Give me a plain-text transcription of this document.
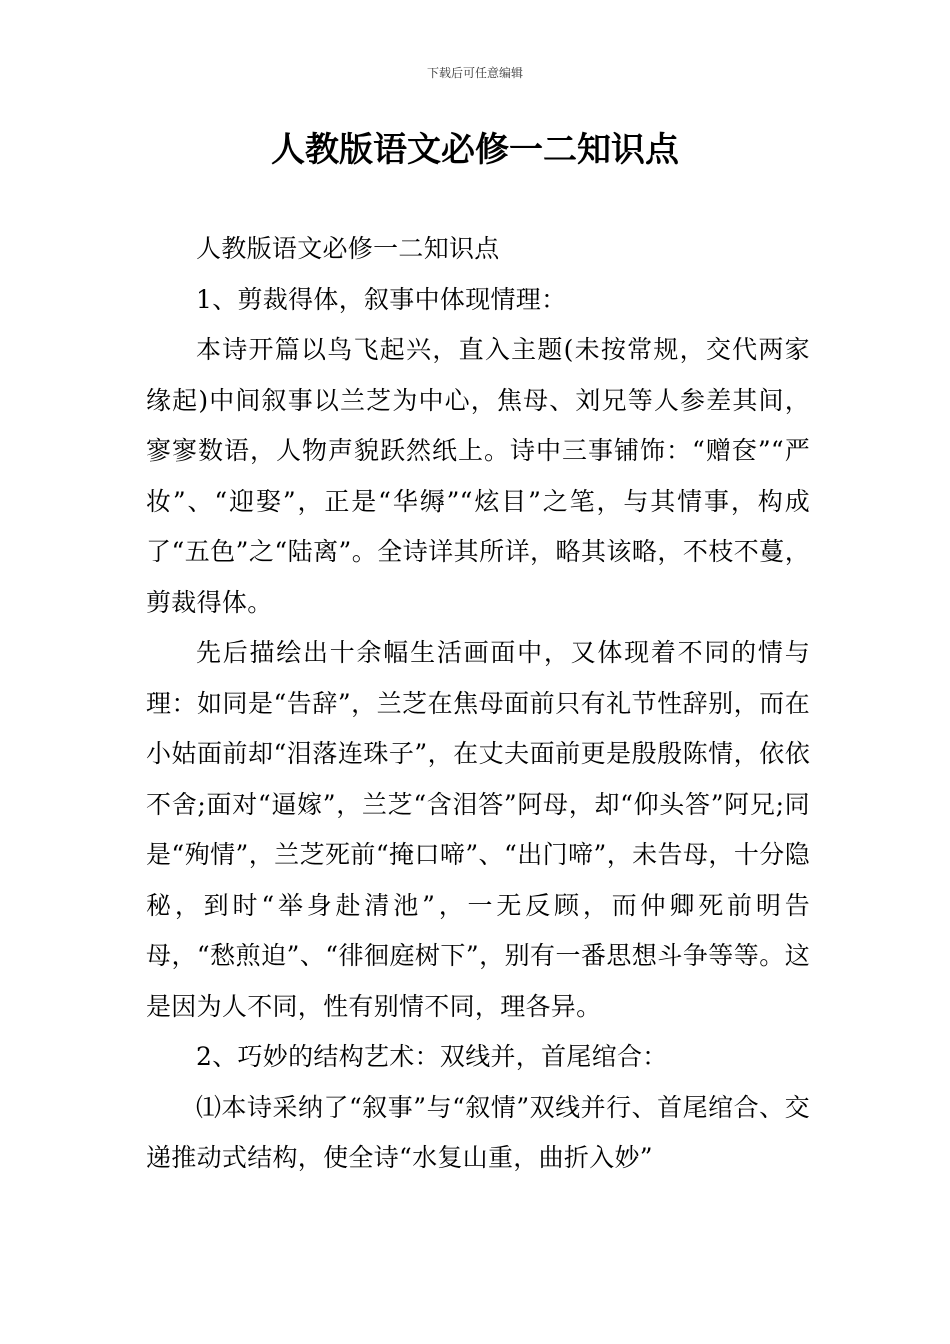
下载后可任意编辑
人教版语文必修一二知识点

人教版语文必修一二知识点

1、剪裁得体，叙事中体现情理：

本诗开篇以鸟飞起兴，直入主题(未按常规，交代两家缘起)中间叙事以兰芝为中心，焦母、刘兄等人参差其间，寥寥数语，人物声貌跃然纸上。诗中三事铺饰：“赠奁”“严妆”、“迎娶”，正是“华缛”“炫目”之笔，与其情事，构成了“五色”之“陆离”。全诗详其所详，略其该略，不枝不蔓，剪裁得体。

先后描绘出十余幅生活画面中，又体现着不同的情与理：如同是“告辞”，兰芝在焦母面前只有礼节性辞别，而在小姑面前却“泪落连珠子”，在丈夫面前更是殷殷陈情，依依不舍;面对“逼嫁”，兰芝“含泪答”阿母，却“仰头答”阿兄;同是“殉情”，兰芝死前“掩口啼”、“出门啼”，未告母，十分隐秘，到时“举身赴清池”，一无反顾，而仲卿死前明告母，“愁煎迫”、“徘徊庭树下”，别有一番思想斗争等等。这是因为人不同，性有别情不同，理各异。

2、巧妙的结构艺术：双线并，首尾绾合：

⑴本诗采纳了“叙事”与“叙情”双线并行、首尾绾合、交递推动式结构，使全诗“水复山重，曲折入妙”
